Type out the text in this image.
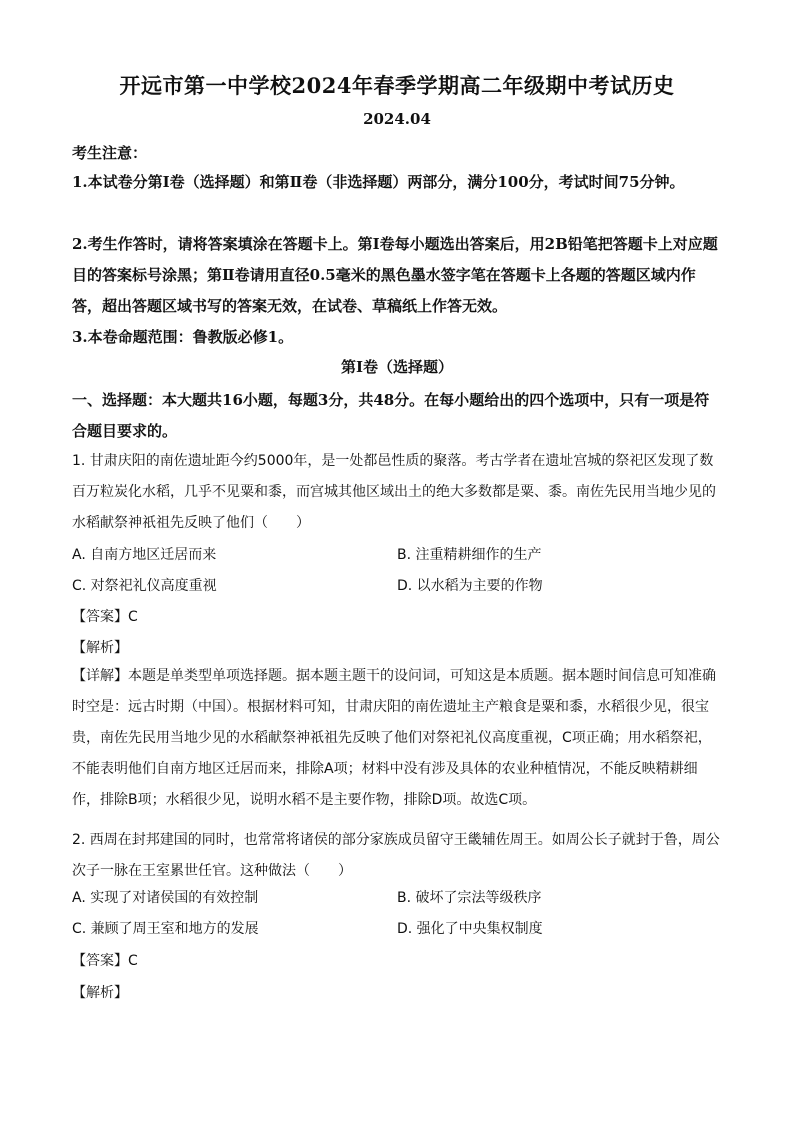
开远市第一中学校2024年春季学期高二年级期中考试历史
2024.04
考生注意：
1.本试卷分第Ⅰ卷（选择题）和第Ⅱ卷（非选择题）两部分，满分100分，考试时间75分钟。
2.考生作答时，请将答案填涂在答题卡上。第Ⅰ卷每小题选出答案后，用2B铅笔把答题卡上对应题目的答案标号涂黑；第Ⅱ卷请用直径0.5毫米的黑色墨水签字笔在答题卡上各题的答题区域内作答，超出答题区域书写的答案无效，在试卷、草稿纸上作答无效。
3.本卷命题范围：鲁教版必修1。
第Ⅰ卷（选择题）
一、选择题：本大题共16小题，每题3分，共48分。在每小题给出的四个选项中，只有一项是符合题目要求的。
1. 甘肃庆阳的南佐遗址距今约5000年，是一处都邑性质的聚落。考古学者在遗址宫城的祭祀区发现了数百万粒炭化水稻，几乎不见粟和黍，而宫城其他区域出土的绝大多数都是粟、黍。南佐先民用当地少见的水稻献祭神祇祖先反映了他们（　　）
A. 自南方地区迁居而来	B. 注重精耕细作的生产
C. 对祭祀礼仪高度重视	D. 以水稻为主要的作物
【答案】C
【解析】
【详解】本题是单类型单项选择题。据本题主题干的设问词，可知这是本质题。据本题时间信息可知准确时空是：远古时期（中国）。根据材料可知，甘肃庆阳的南佐遗址主产粮食是粟和黍，水稻很少见，很宝贵，南佐先民用当地少见的水稻献祭神祇祖先反映了他们对祭祀礼仪高度重视，C项正确；用水稻祭祀，不能表明他们自南方地区迁居而来，排除A项；材料中没有涉及具体的农业种植情况，不能反映精耕细作，排除B项；水稻很少见，说明水稻不是主要作物，排除D项。故选C项。
2. 西周在封邦建国的同时，也常常将诸侯的部分家族成员留守王畿辅佐周王。如周公长子就封于鲁，周公次子一脉在王室累世任官。这种做法（　　）
A. 实现了对诸侯国的有效控制	B. 破坏了宗法等级秩序
C. 兼顾了周王室和地方的发展	D. 强化了中央集权制度
【答案】C
【解析】
